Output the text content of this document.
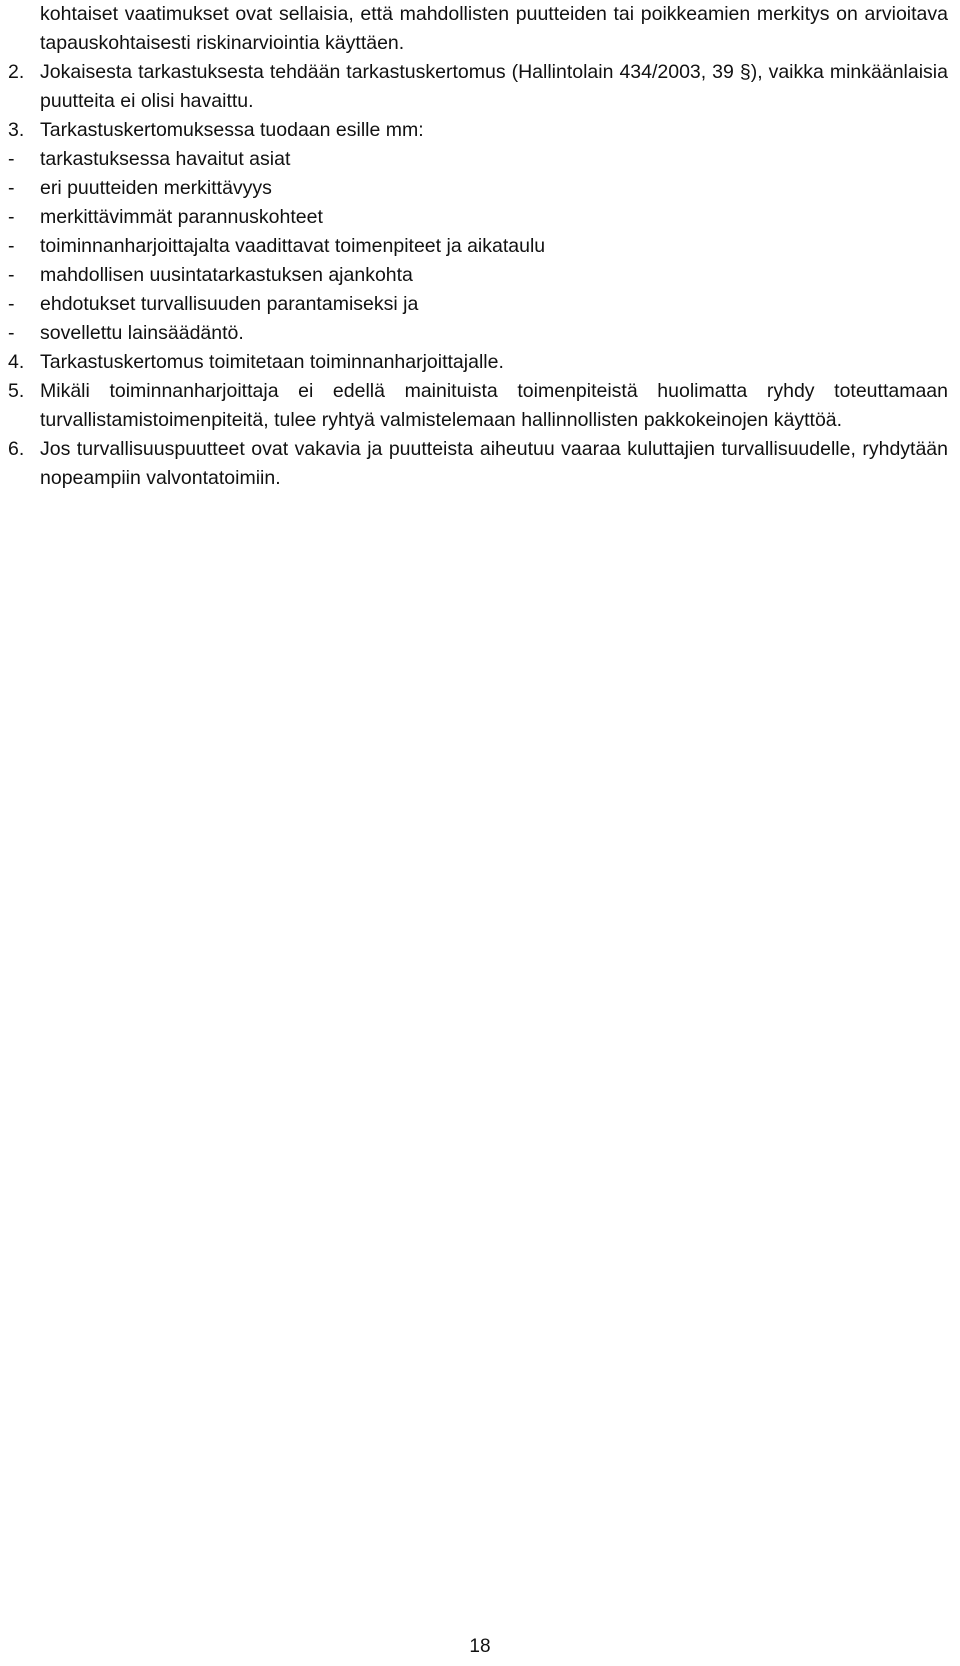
kohtaiset vaatimukset ovat sellaisia, että mahdollisten puutteiden tai poikkeamien merkitys on arvioitava tapauskohtaisesti riskinarviointia käyttäen.
2. Jokaisesta tarkastuksesta tehdään tarkastuskertomus (Hallintolain 434/2003, 39 §), vaikka minkäänlaisia puutteita ei olisi havaittu.
3. Tarkastuskertomuksessa tuodaan esille mm:
-	tarkastuksessa havaitut asiat
-	eri puutteiden merkittävyys
-	merkittävimmät parannuskohteet
-	toiminnanharjoittajalta vaadittavat toimenpiteet ja aikataulu
-	mahdollisen uusintatarkastuksen ajankohta
-	ehdotukset turvallisuuden parantamiseksi ja
-	sovellettu lainsäädäntö.
4. Tarkastuskertomus toimitetaan toiminnanharjoittajalle.
5. Mikäli toiminnanharjoittaja ei edellä mainituista toimenpiteistä huolimatta ryhdy toteuttamaan turvallistamistoimenpiteitä, tulee ryhtyä valmistelemaan hallinnollisten pakkokeinojen käyttöä.
6. Jos turvallisuuspuutteet ovat vakavia ja puutteista aiheutuu vaaraa kuluttajien turvallisuudelle, ryhdytään nopeampiin valvontatoimiin.
18
